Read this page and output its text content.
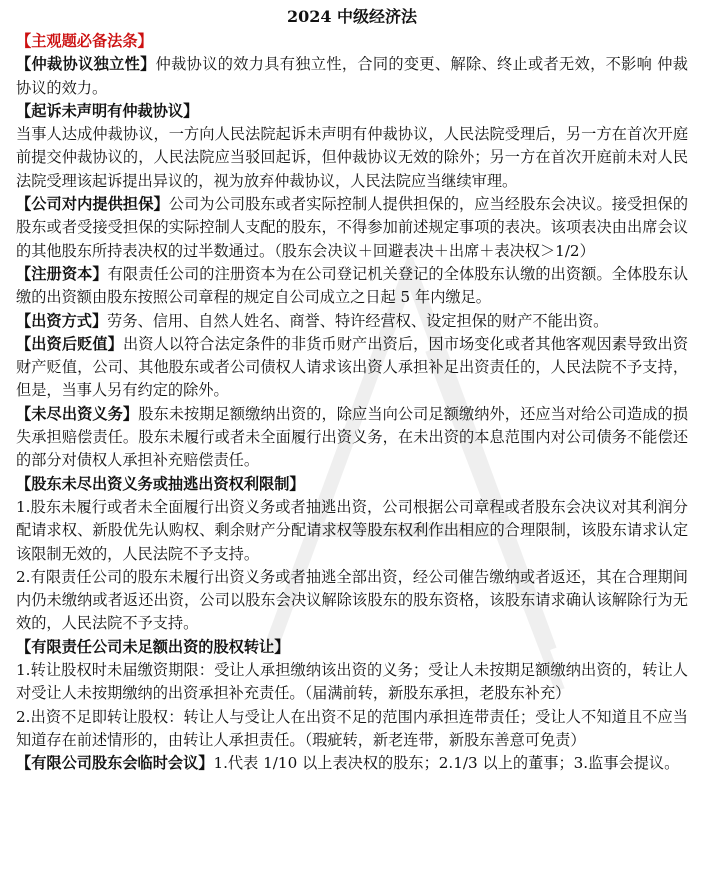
2024 中级经济法

【主观题必备法条】

【仲裁协议独立性】仲裁协议的效力具有独立性，合同的变更、解除、终止或者无效，不影响 仲裁协议的效力。

【起诉未声明有仲裁协议】

当事人达成仲裁协议，一方向人民法院起诉未声明有仲裁协议，人民法院受理后，另一方在首次开庭前提交仲裁协议的，人民法院应当驳回起诉，但仲裁协议无效的除外；另一方在首次开庭前未对人民法院受理该起诉提出异议的，视为放弃仲裁协议，人民法院应当继续审理。

【公司对内提供担保】公司为公司股东或者实际控制人提供担保的，应当经股东会决议。接受担保的股东或者受接受担保的实际控制人支配的股东，不得参加前述规定事项的表决。该项表决由出席会议的其他股东所持表决权的过半数通过。（股东会决议＋回避表决＋出席＋表决权＞1/2）

【注册资本】有限责任公司的注册资本为在公司登记机关登记的全体股东认缴的出资额。全体股东认缴的出资额由股东按照公司章程的规定自公司成立之日起 5 年内缴足。

【出资方式】劳务、信用、自然人姓名、商誉、特许经营权、设定担保的财产不能出资。

【出资后贬值】出资人以符合法定条件的非货币财产出资后，因市场变化或者其他客观因素导致出资财产贬值，公司、其他股东或者公司债权人请求该出资人承担补足出资责任的，人民法院不予支持，但是，当事人另有约定的除外。

【未尽出资义务】股东未按期足额缴纳出资的，除应当向公司足额缴纳外，还应当对给公司造成的损失承担赔偿责任。股东未履行或者未全面履行出资义务，在未出资的本息范围内对公司债务不能偿还的部分对债权人承担补充赔偿责任。

【股东未尽出资义务或抽逃出资权利限制】

1.股东未履行或者未全面履行出资义务或者抽逃出资，公司根据公司章程或者股东会决议对其利润分配请求权、新股优先认购权、剩余财产分配请求权等股东权利作出相应的合理限制，该股东请求认定该限制无效的，人民法院不予支持。

2.有限责任公司的股东未履行出资义务或者抽逃全部出资，经公司催告缴纳或者返还，其在合理期间内仍未缴纳或者返还出资，公司以股东会决议解除该股东的股东资格，该股东请求确认该解除行为无效的，人民法院不予支持。

【有限责任公司未足额出资的股权转让】

1.转让股权时未届缴资期限：受让人承担缴纳该出资的义务；受让人未按期足额缴纳出资的，转让人对受让人未按期缴纳的出资承担补充责任。（届满前转，新股东承担，老股东补充）

2.出资不足即转让股权：转让人与受让人在出资不足的范围内承担连带责任；受让人不知道且不应当知道存在前述情形的，由转让人承担责任。（瑕疵转，新老连带，新股东善意可免责）

【有限公司股东会临时会议】1.代表 1/10 以上表决权的股东；2.1/3 以上的董事；3.监事会提议。
